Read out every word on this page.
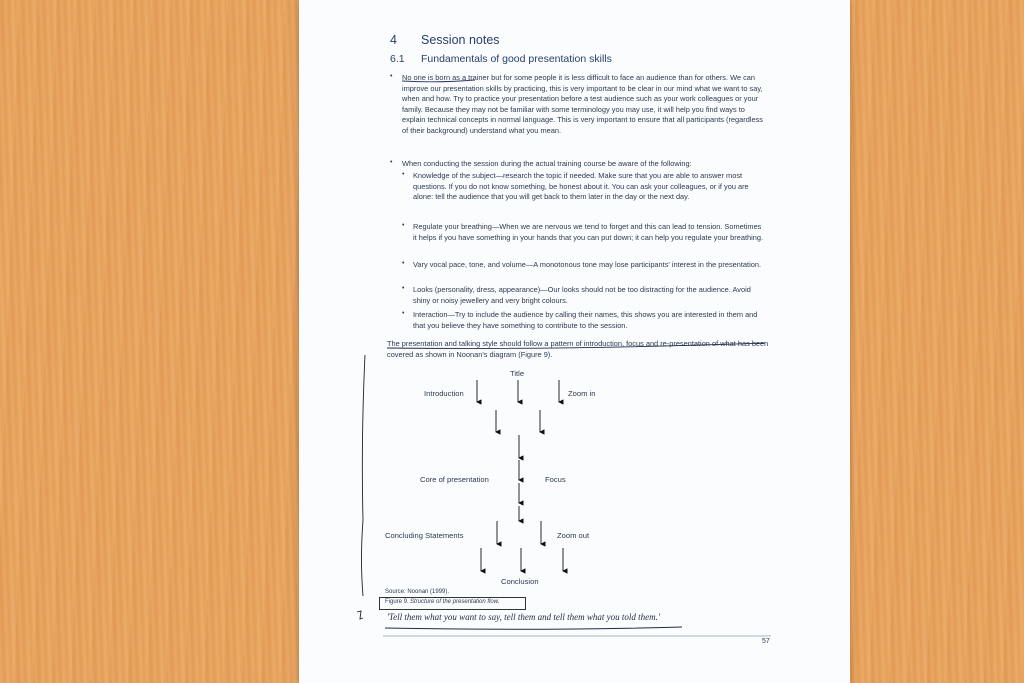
4 Session notes
6.1 Fundamentals of good presentation skills
• No one is born as a trainer but for some people it is less difficult to face an audience than for others. We can improve our presentation skills by practicing, this is very important to be clear in our mind what we want to say, when and how. Try to practice your presentation before a test audience such as your work colleagues or your family. Because they may not be familiar with some terminology you may use, it will help you find ways to explain technical concepts in normal language. This is very important to ensure that all participants (regardless of their background) understand what you mean.
• When conducting the session during the actual training course be aware of the following:
• Knowledge of the subject—research the topic if needed. Make sure that you are able to answer most questions. If you do not know something, be honest about it. You can ask your colleagues, or if you are alone: tell the audience that you will get back to them later in the day or the next day.
• Regulate your breathing—When we are nervous we tend to forget and this can lead to tension. Sometimes it helps if you have something in your hands that you can put down; it can help you regulate your breathing.
• Vary vocal pace, tone, and volume—A monotonous tone may lose participants' interest in the presentation.
• Looks (personality, dress, appearance)—Our looks should not be too distracting for the audience. Avoid shiny or noisy jewellery and very bright colours.
• Interaction—Try to include the audience by calling their names, this shows you are interested in them and that you believe they have something to contribute to the session.
The presentation and talking style should follow a pattern of introduction, focus and re-presentation of what has been covered as shown in Noonan's diagram (Figure 9).
Title
Introduction	Zoom in
Core of presentation	Focus
Concluding Statements	Zoom out
Conclusion
Source: Noonan (1999).
Figure 9. Structure of the presentation flow.
'Tell them what you want to say, tell them and tell them what you told them.'
57
